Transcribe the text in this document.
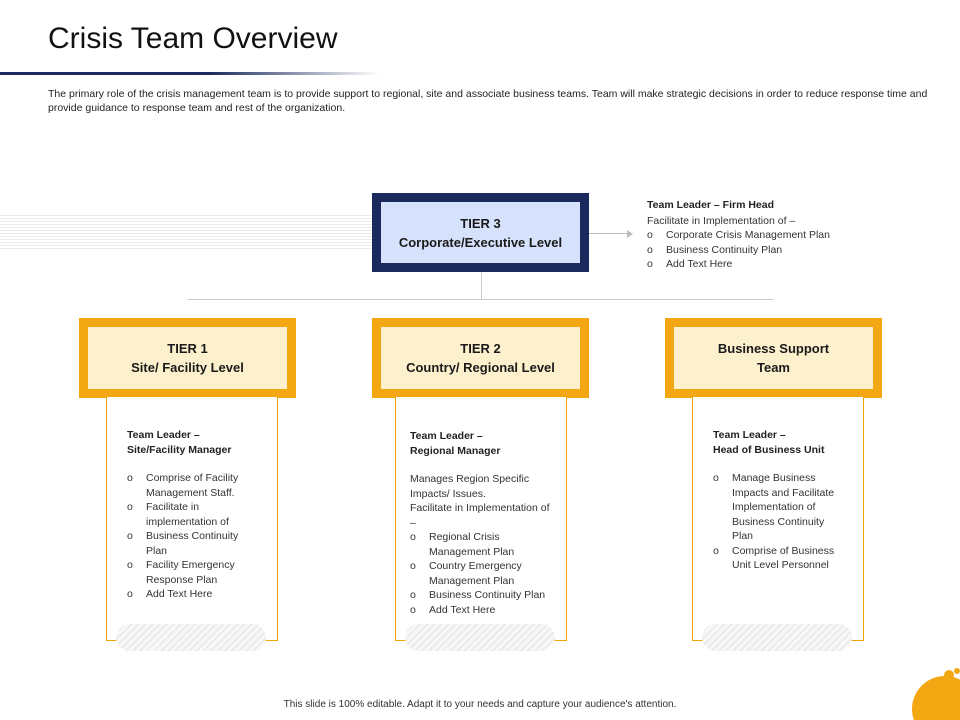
Crisis Team Overview
The primary role of the crisis management team is to provide support to regional, site and associate business teams. Team will make strategic decisions in order to reduce response time and provide guidance to response team and rest of the organization.
TIER 3
Corporate/Executive Level
Team Leader – Firm Head
Facilitate in Implementation of –
o	Corporate Crisis Management Plan
o	Business Continuity Plan
o	Add Text Here
TIER 1
Site/ Facility Level
Team Leader –
Site/Facility Manager
o	Comprise of Facility
Management Staff.
o	Facilitate in
implementation of
o	Business Continuity
Plan
o	Facility Emergency
Response Plan
o	Add Text Here
TIER 2
Country/ Regional Level
Team Leader –
Regional Manager
Manages Region Specific
Impacts/ Issues.
Facilitate in Implementation of
–
o	Regional Crisis
Management Plan
o	Country Emergency
Management Plan
o	Business Continuity Plan
o	Add Text Here
Business Support
Team
Team Leader –
Head of Business Unit
o	Manage Business
Impacts and Facilitate
Implementation of
Business Continuity
Plan
o	Comprise of Business
Unit Level Personnel
This slide is 100% editable. Adapt it to your needs and capture your audience's attention.
